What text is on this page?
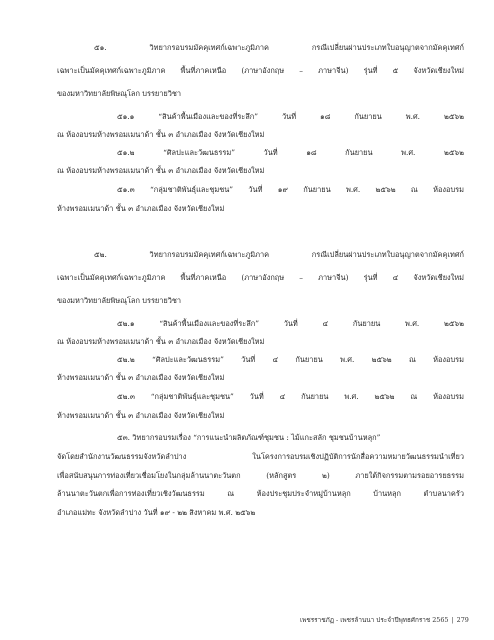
๕๑. วิทยากรอบรมมัคคุเทศก์เฉพาะภูมิภาค กรณีเปลี่ยนผ่านประเภทใบอนุญาตจากมัคคุเทศก์
เฉพาะเป็นมัคคุเทศก์เฉพาะภูมิภาค พื้นที่ภาคเหนือ (ภาษาอังกฤษ – ภาษาจีน) รุ่นที่ ๕ จังหวัดเชียงใหม่
ของมหาวิทยาลัยพิษณุโลก บรรยายวิชา
๕๑.๑ “สินค้าพื้นเมืองและของที่ระลึก” วันที่ ๑๘ กันยายน พ.ศ. ๒๕๖๒
ณ ห้องอบรมห้างพรอมเมนาด้า ชั้น ๓ อำเภอเมือง จังหวัดเชียงใหม่
๕๑.๒ “ศิลปะและวัฒนธรรม” วันที่ ๑๘ กันยายน พ.ศ. ๒๕๖๒
ณ ห้องอบรมห้างพรอมเมนาด้า ชั้น ๓ อำเภอเมือง จังหวัดเชียงใหม่
๕๑.๓ “กลุ่มชาติพันธุ์และชุมชน” วันที่ ๑๙ กันยายน พ.ศ. ๒๕๖๒ ณ ห้องอบรม
ห้างพรอมเมนาด้า ชั้น ๓ อำเภอเมือง จังหวัดเชียงใหม่
๕๒. วิทยากรอบรมมัคคุเทศก์เฉพาะภูมิภาค กรณีเปลี่ยนผ่านประเภทใบอนุญาตจากมัคคุเทศก์
เฉพาะเป็นมัคคุเทศก์เฉพาะภูมิภาค พื้นที่ภาคเหนือ (ภาษาอังกฤษ – ภาษาจีน) รุ่นที่ ๔ จังหวัดเชียงใหม่
ของมหาวิทยาลัยพิษณุโลก บรรยายวิชา
๕๒.๑ “สินค้าพื้นเมืองและของที่ระลึก” วันที่ ๔ กันยายน พ.ศ. ๒๕๖๒
ณ ห้องอบรมห้างพรอมเมนาด้า ชั้น ๓ อำเภอเมือง จังหวัดเชียงใหม่
๕๒.๒ “ศิลปะและวัฒนธรรม” วันที่ ๔ กันยายน พ.ศ. ๒๕๖๒ ณ ห้องอบรม
ห้างพรอมเมนาด้า ชั้น ๓ อำเภอเมือง จังหวัดเชียงใหม่
๕๒.๓ “กลุ่มชาติพันธุ์และชุมชน” วันที่ ๔ กันยายน พ.ศ. ๒๕๖๒ ณ ห้องอบรม
ห้างพรอมเมนาด้า ชั้น ๓ อำเภอเมือง จังหวัดเชียงใหม่
๕๓. วิทยากรอบรมเรื่อง “การแนะนำผลิตภัณฑ์ชุมชน : ไม้แกะสลัก ชุมชนบ้านหลุก”
จัดโดยสำนักงานวัฒนธรรมจังหวัดลำปาง ในโครงการอบรมเชิงปฏิบัติการนักสื่อความหมายวัฒนธรรมนำเที่ยว
เพื่อสนับสนุนการท่องเที่ยวเชื่อมโยงในกลุ่มล้านนาตะวันตก (หลักสูตร ๒) ภายใต้กิจกรรมตามรอยอารยธรรม
ล้านนาตะวันตกเพื่อการท่องเที่ยวเชิงวัฒนธรรม ณ ห้องประชุมประจำหมู่บ้านหลุก บ้านหลุก ตำบลนาครัว
อำเภอแม่ทะ จังหวัดลำปาง วันที่ ๑๙ - ๒๒ สิงหาคม พ.ศ. ๒๕๖๒
เพชรราชภัฏ - เพชรล้านนา ประจำปีพุทธศักราช 2565 | 279
